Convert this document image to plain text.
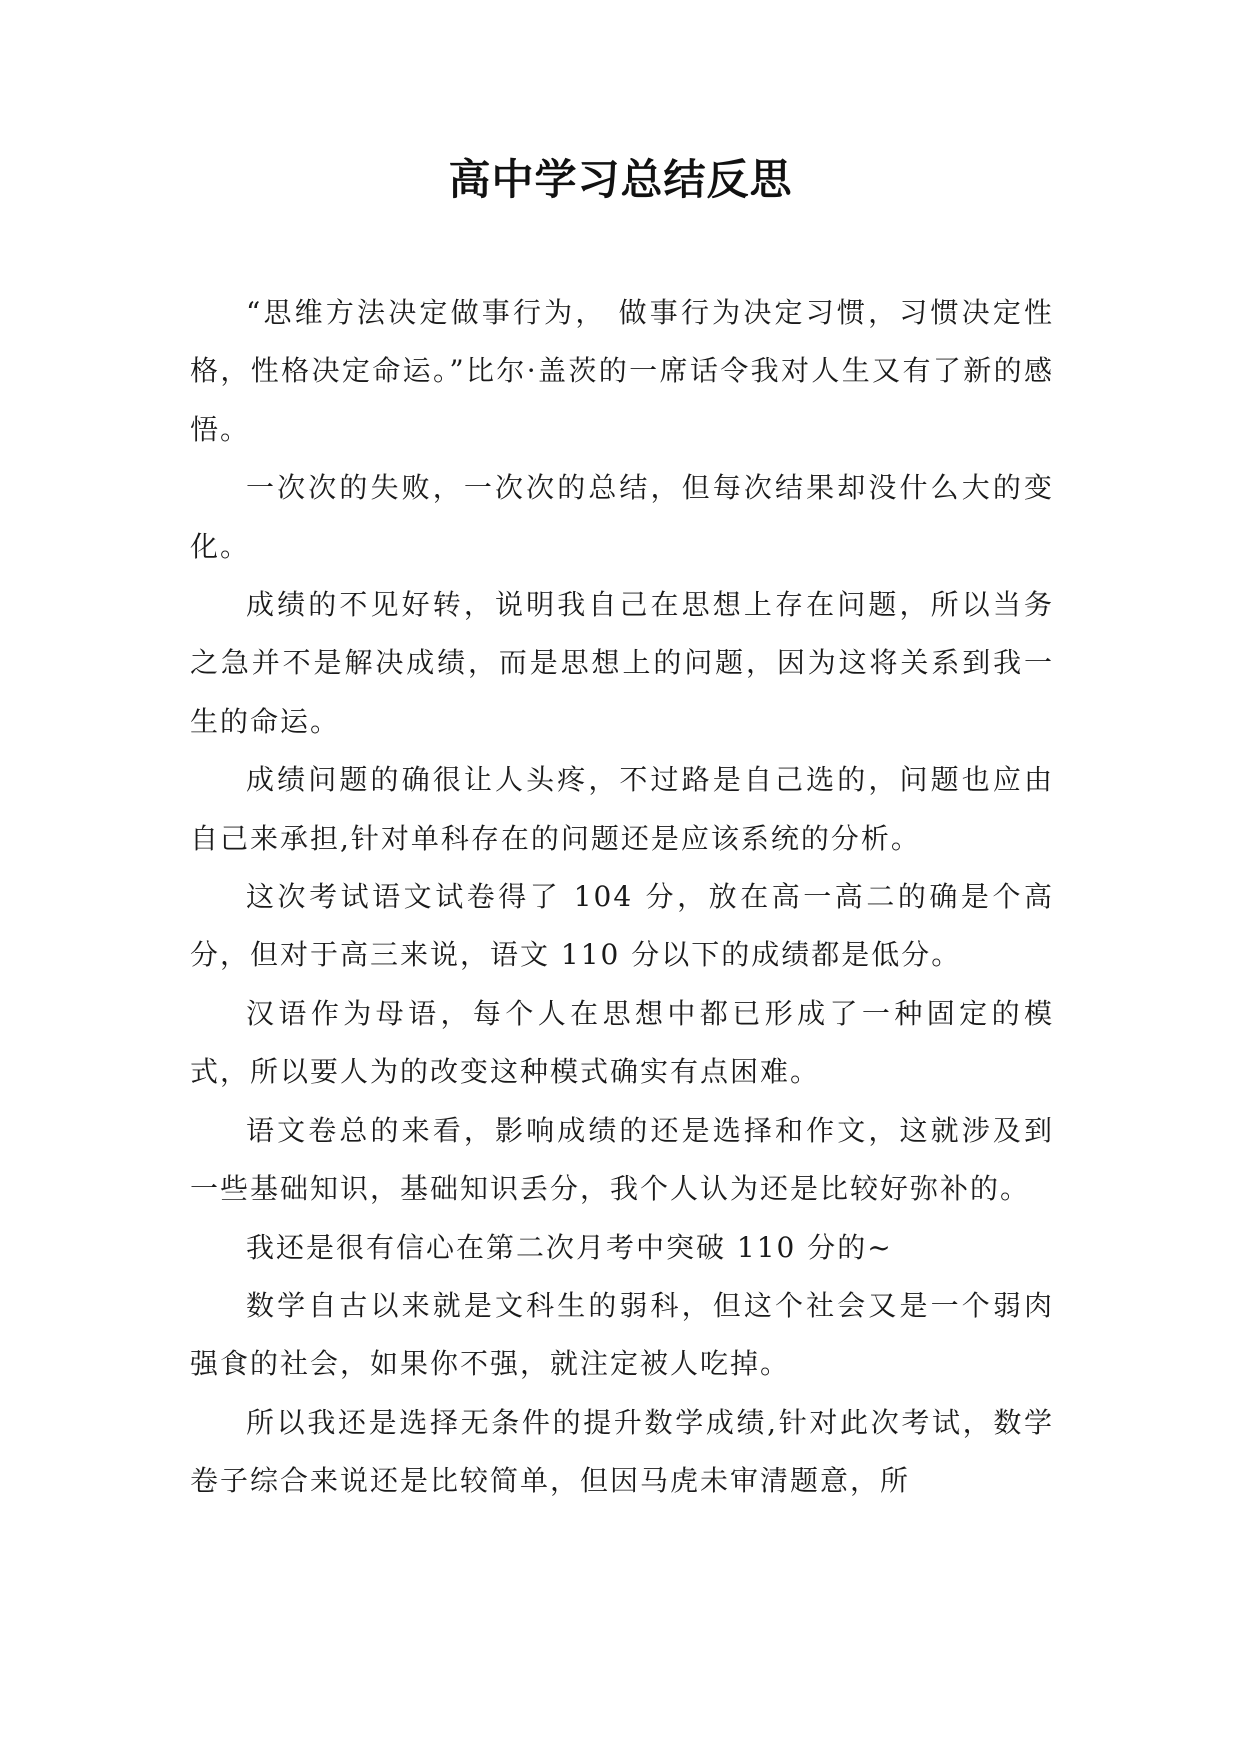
高中学习总结反思

“思维方法决定做事行为， 做事行为决定习惯，习惯决定性格，性格决定命运。”比尔·盖茨的一席话令我对人生又有了新的感悟。

一次次的失败，一次次的总结，但每次结果却没什么大的变化。

成绩的不见好转，说明我自己在思想上存在问题，所以当务之急并不是解决成绩，而是思想上的问题，因为这将关系到我一生的命运。

成绩问题的确很让人头疼，不过路是自己选的，问题也应由自己来承担,针对单科存在的问题还是应该系统的分析。

这次考试语文试卷得了 104 分，放在高一高二的确是个高分，但对于高三来说，语文 110 分以下的成绩都是低分。

汉语作为母语，每个人在思想中都已形成了一种固定的模式，所以要人为的改变这种模式确实有点困难。

语文卷总的来看，影响成绩的还是选择和作文，这就涉及到一些基础知识，基础知识丢分，我个人认为还是比较好弥补的。

我还是很有信心在第二次月考中突破 110 分的~

数学自古以来就是文科生的弱科，但这个社会又是一个弱肉强食的社会，如果你不强，就注定被人吃掉。

所以我还是选择无条件的提升数学成绩,针对此次考试，数学卷子综合来说还是比较简单，但因马虎未审清题意，所
